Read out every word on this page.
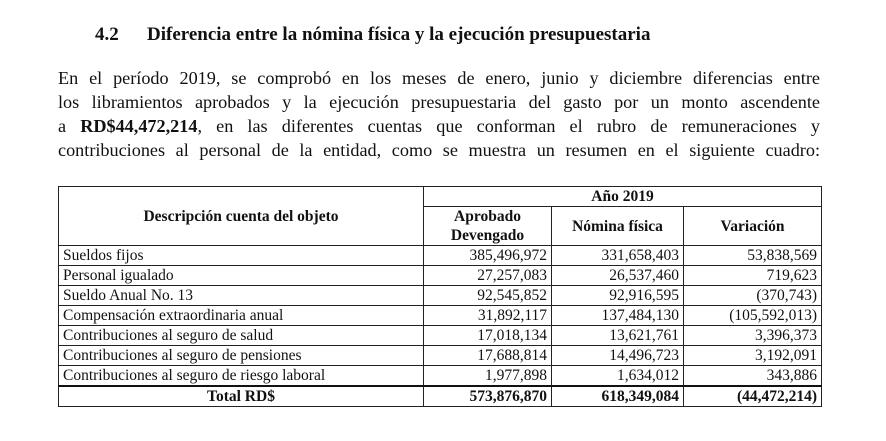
4.2 Diferencia entre la nómina física y la ejecución presupuestaria
En el período 2019, se comprobó en los meses de enero, junio y diciembre diferencias entre
los libramientos aprobados y la ejecución presupuestaria del gasto por un monto ascendente
a RD$44,472,214, en las diferentes cuentas que conforman el rubro de remuneraciones y
contribuciones al personal de la entidad, como se muestra un resumen en el siguiente cuadro:
Descripción cuenta del objeto	Año 2019		
	Aprobado Devengado	Nómina física	Variación
Sueldos fijos	385,496,972	331,658,403	53,838,569
Personal igualado	27,257,083	26,537,460	719,623
Sueldo Anual No. 13	92,545,852	92,916,595	(370,743)
Compensación extraordinaria anual	31,892,117	137,484,130	(105,592,013)
Contribuciones al seguro de salud	17,018,134	13,621,761	3,396,373
Contribuciones al seguro de pensiones	17,688,814	14,496,723	3,192,091
Contribuciones al seguro de riesgo laboral	1,977,898	1,634,012	343,886
Total RD$	573,876,870	618,349,084	(44,472,214)
